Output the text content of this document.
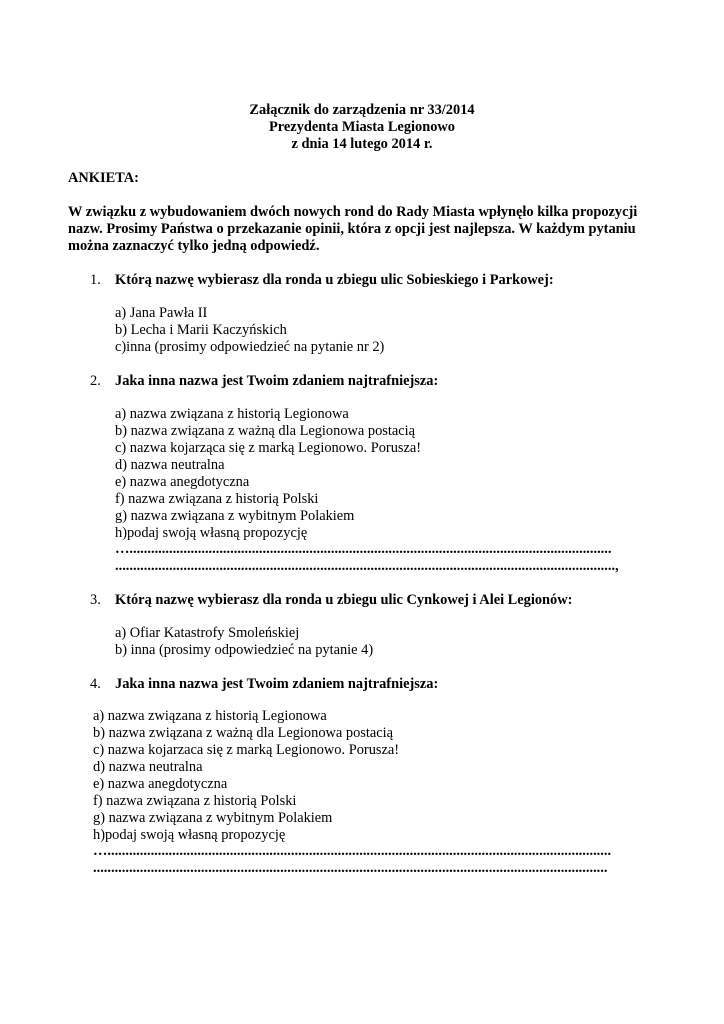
Załącznik do zarządzenia nr 33/2014
Prezydenta Miasta Legionowo
z dnia 14 lutego 2014 r.
ANKIETA:
W związku z wybudowaniem dwóch nowych rond do Rady Miasta wpłynęło kilka propozycji
nazw. Prosimy Państwa o przekazanie opinii, która z opcji jest najlepsza. W każdym pytaniu
można zaznaczyć tylko jedną odpowiedź.
1. Którą nazwę wybierasz dla ronda u zbiegu ulic Sobieskiego i Parkowej:
a) Jana Pawła II
b) Lecha i Marii Kaczyńskich
c)inna (prosimy odpowiedzieć na pytanie nr 2)
2. Jaka inna nazwa jest Twoim zdaniem najtrafniejsza:
a) nazwa związana z historią Legionowa
b) nazwa związana z ważną dla Legionowa postacią
c) nazwa kojarząca się z marką Legionowo. Porusza!
d) nazwa neutralna
e) nazwa anegdotyczna
f) nazwa związana z historią Polski
g) nazwa związana z wybitnym Polakiem
h)podaj swoją własną propozycję
…......................................................................................................................................
...........................................................................................................................................,
3. Którą nazwę wybierasz dla ronda u zbiegu ulic Cynkowej i Alei Legionów:
a) Ofiar Katastrofy Smoleńskiej
b) inna (prosimy odpowiedzieć na pytanie 4)
4. Jaka inna nazwa jest Twoim zdaniem najtrafniejsza:
a) nazwa związana z historią Legionowa
b) nazwa związana z ważną dla Legionowa postacią
c) nazwa kojarzaca się z marką Legionowo. Porusza!
d) nazwa neutralna
e) nazwa anegdotyczna
f) nazwa związana z historią Polski
g) nazwa związana z wybitnym Polakiem
h)podaj swoją własną propozycję
…............................................................................................................................................
...............................................................................................................................................
